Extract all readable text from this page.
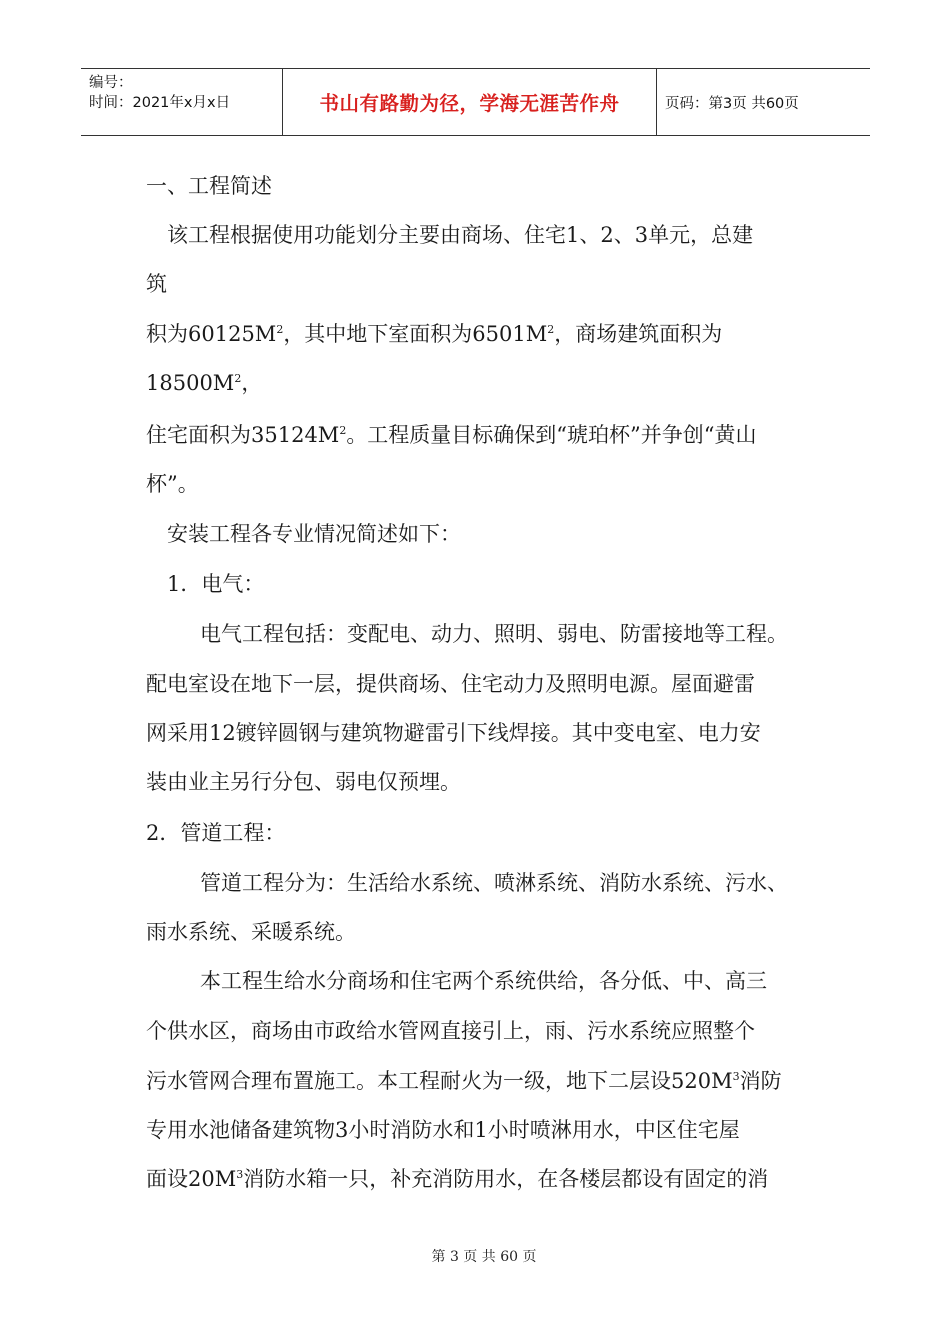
编号：
时间：2021年x月x日	书山有路勤为径，学海无涯苦作舟	页码：第3页 共60页
一、工程简述
该工程根据使用功能划分主要由商场、住宅1、2、3单元，总建
筑
积为$60125M^2$，其中地下室面积为$6501M^2$，商场建筑面积为
$18500M^2$，
住宅面积为$35124M^2$。工程质量目标确保到“琥珀杯”并争创“黄山
杯”。
安装工程各专业情况简述如下：
1．电气：
电气工程包括：变配电、动力、照明、弱电、防雷接地等工程。
配电室设在地下一层，提供商场、住宅动力及照明电源。屋面避雷
网采用12镀锌圆钢与建筑物避雷引下线焊接。其中变电室、电力安
装由业主另行分包、弱电仅预埋。
2．管道工程：
管道工程分为：生活给水系统、喷淋系统、消防水系统、污水、
雨水系统、采暖系统。
本工程生给水分商场和住宅两个系统供给，各分低、中、高三
个供水区，商场由市政给水管网直接引上，雨、污水系统应照整个
污水管网合理布置施工。本工程耐火为一级，地下二层设$520M^3$消防
专用水池储备建筑物3小时消防水和1小时喷淋用水，中区住宅屋
面设$20M^3$消防水箱一只，补充消防用水，在各楼层都设有固定的消
第 3 页 共 60 页
